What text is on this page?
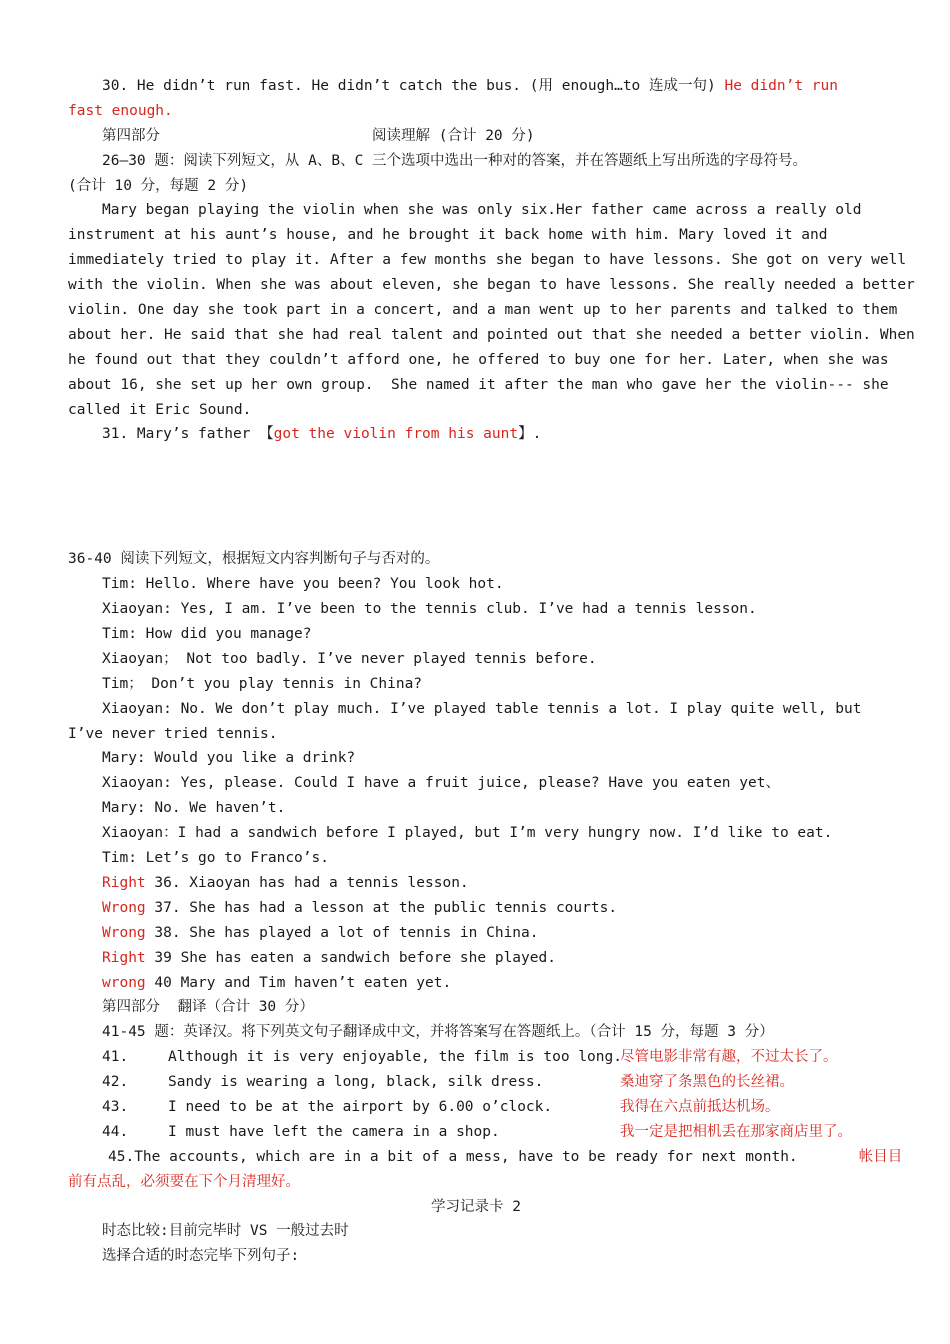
30. He didn’t run fast. He didn’t catch the bus. (用 enough…to 连成一句) He didn’t run
fast enough.
第四部分	阅读理解 (合计 20 分)
26—30 题：阅读下列短文，从 A、B、C 三个选项中选出一种对的答案，并在答题纸上写出所选的字母符号。
(合计 10 分，每题 2 分)
Mary began playing the violin when she was only six.Her father came across a really old
instrument at his aunt’s house, and he brought it back home with him. Mary loved it and
immediately tried to play it. After a few months she began to have lessons. She got on very well
with the violin. When she was about eleven, she began to have lessons. She really needed a better
violin. One day she took part in a concert, and a man went up to her parents and talked to them
about her. He said that she had real talent and pointed out that she needed a better violin. When
he found out that they couldn’t afford one, he offered to buy one for her. Later, when she was
about 16, she set up her own group.  She named it after the man who gave her the violin--- she
called it Eric Sound.
31. Mary’s father 【got the violin from his aunt】.
36-40 阅读下列短文，根据短文内容判断句子与否对的。
Tim: Hello. Where have you been? You look hot.
Xiaoyan: Yes, I am. I’ve been to the tennis club. I’ve had a tennis lesson.
Tim: How did you manage?
Xiaoyan； Not too badly. I’ve never played tennis before.
Tim； Don’t you play tennis in China?
Xiaoyan: No. We don’t play much. I’ve played table tennis a lot. I play quite well, but
I’ve never tried tennis.
Mary: Would you like a drink?
Xiaoyan: Yes, please. Could I have a fruit juice, please? Have you eaten yet、
Mary: No. We haven’t.
Xiaoyan：I had a sandwich before I played, but I’m very hungry now. I’d like to eat.
Tim: Let’s go to Franco’s.
Right 36. Xiaoyan has had a tennis lesson.
Wrong 37. She has had a lesson at the public tennis courts.
Wrong 38. She has played a lot of tennis in China.
Right 39 She has eaten a sandwich before she played.
wrong 40 Mary and Tim haven’t eaten yet.
第四部分  翻译（合计 30 分）
41-45 题：英译汉。将下列英文句子翻译成中文，并将答案写在答题纸上。（合计 15 分，每题 3 分）
41.	Although it is very enjoyable, the film is too long.尽管电影非常有趣，不过太长了。
42.	Sandy is wearing a long, black, silk dress.	桑迪穿了条黑色的长丝裙。
43.	I need to be at the airport by 6.00 o’clock.	我得在六点前抵达机场。
44.	I must have left the camera in a shop.	我一定是把相机丢在那家商店里了。
45.The accounts, which are in a bit of a mess, have to be ready for next month.       帐目目
前有点乱，必须要在下个月清理好。
学习记录卡 2
时态比较:目前完毕时 VS 一般过去时
选择合适的时态完毕下列句子:
